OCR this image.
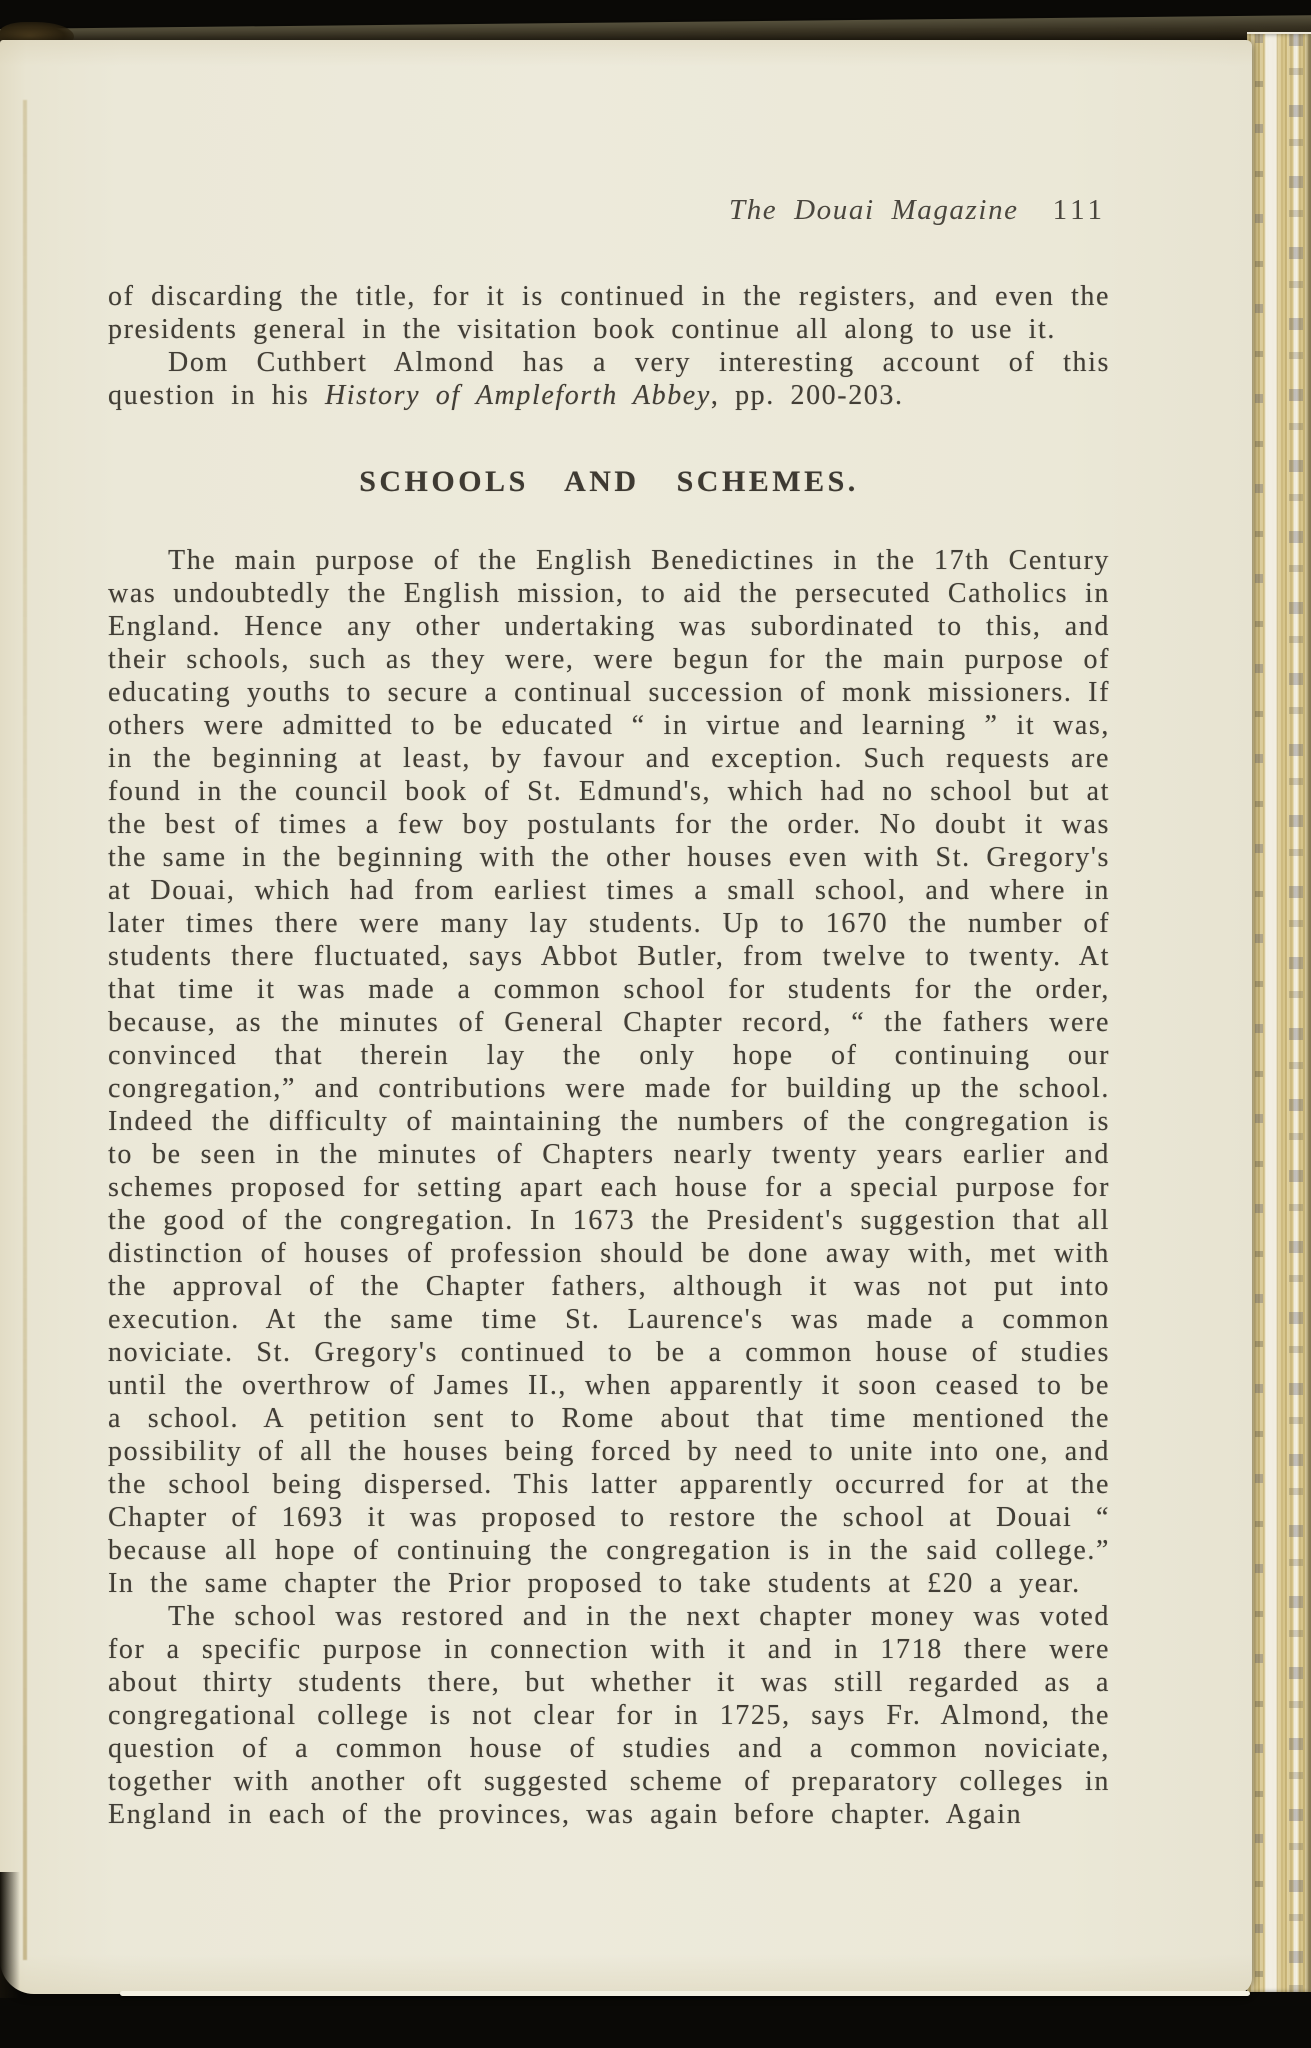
The Douai Magazine 111

of discarding the title, for it is continued in the registers, and even the presidents general in the visitation book continue all along to use it.

Dom Cuthbert Almond has a very interesting account of this question in his History of Ampleforth Abbey, pp. 200-203.

SCHOOLS AND SCHEMES.

The main purpose of the English Benedictines in the 17th Century was undoubtedly the English mission, to aid the persecuted Catholics in England. Hence any other undertaking was subordinated to this, and their schools, such as they were, were begun for the main purpose of educating youths to secure a continual succession of monk missioners. If others were admitted to be educated “ in virtue and learning ” it was, in the beginning at least, by favour and exception. Such requests are found in the council book of St. Edmund's, which had no school but at the best of times a few boy postulants for the order. No doubt it was the same in the beginning with the other houses even with St. Gregory's at Douai, which had from earliest times a small school, and where in later times there were many lay students. Up to 1670 the number of students there fluctuated, says Abbot Butler, from twelve to twenty. At that time it was made a common school for students for the order, because, as the minutes of General Chapter record, “ the fathers were convinced that therein lay the only hope of continuing our congregation,” and contributions were made for building up the school. Indeed the difficulty of maintaining the numbers of the congregation is to be seen in the minutes of Chapters nearly twenty years earlier and schemes proposed for setting apart each house for a special purpose for the good of the congregation. In 1673 the President's suggestion that all distinction of houses of profession should be done away with, met with the approval of the Chapter fathers, although it was not put into execution. At the same time St. Laurence's was made a common noviciate. St. Gregory's continued to be a common house of studies until the overthrow of James II., when apparently it soon ceased to be a school. A petition sent to Rome about that time mentioned the possibility of all the houses being forced by need to unite into one, and the school being dispersed. This latter apparently occurred for at the Chapter of 1693 it was proposed to restore the school at Douai “ because all hope of continuing the congregation is in the said college.” In the same chapter the Prior proposed to take students at £20 a year.

The school was restored and in the next chapter money was voted for a specific purpose in connection with it and in 1718 there were about thirty students there, but whether it was still regarded as a congregational college is not clear for in 1725, says Fr. Almond, the question of a common house of studies and a common noviciate, together with another oft suggested scheme of preparatory colleges in England in each of the provinces, was again before chapter. Again
